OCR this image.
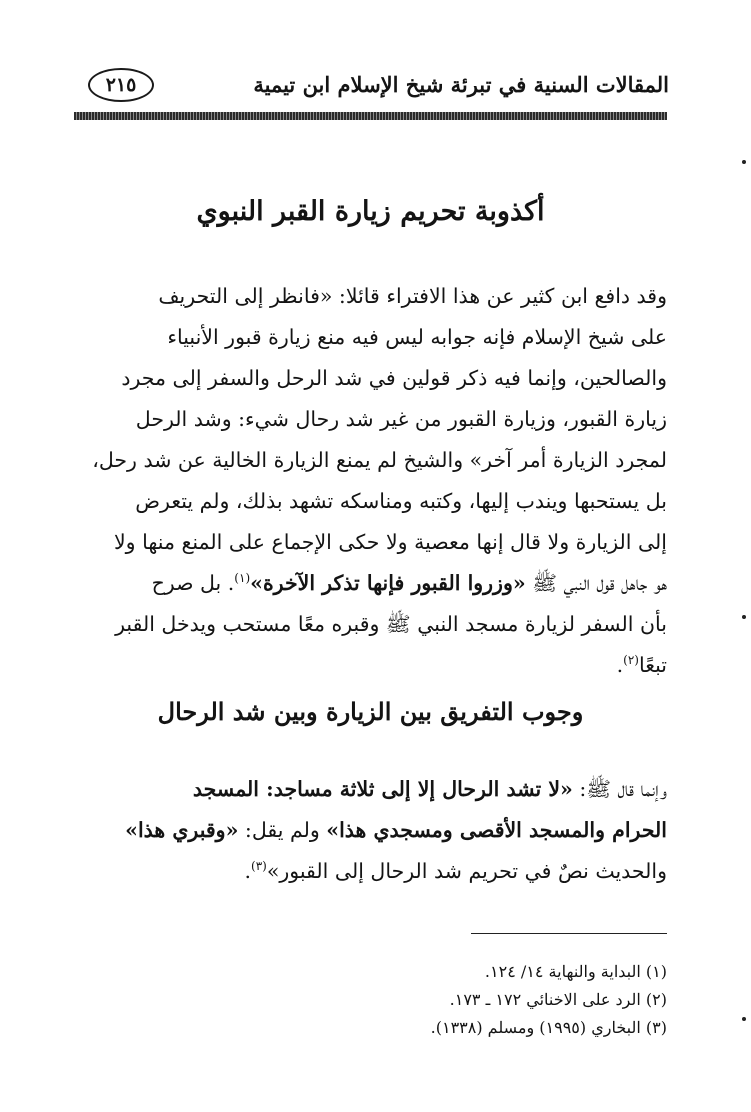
المقالات السنية في تبرئة شيخ الإسلام ابن تيمية
٢١٥
أكذوبة تحريم زيارة القبر النبوي
وقد دافع ابن كثير عن هذا الافتراء قائلا: «فانظر إلى التحريف
على شيخ الإسلام فإنه جوابه ليس فيه منع زيارة قبور الأنبياء
والصالحين، وإنما فيه ذكر قولين في شد الرحل والسفر إلى مجرد
زيارة القبور، وزيارة القبور من غير شد رحال شيء: وشد الرحل
لمجرد الزيارة أمر آخر» والشيخ لم يمنع الزيارة الخالية عن شد رحل،
بل يستحبها ويندب إليها، وكتبه ومناسكه تشهد بذلك، ولم يتعرض
إلى الزيارة ولا قال إنها معصية ولا حكى الإجماع على المنع منها ولا
هو جاهل قول النبي ﷺ «وزروا القبور فإنها تذكر الآخرة»$^{(١)}$. بل صرح
بأن السفر لزيارة مسجد النبي ﷺ وقبره معًا مستحب ويدخل القبر
تبعًا$^{(٢)}$.
وجوب التفريق بين الزيارة وبين شد الرحال
وإنما قال ﷺ: «لا تشد الرحال إلا إلى ثلاثة مساجد: المسجد
الحرام والمسجد الأقصى ومسجدي هذا» ولم يقل: «وقبري هذا»
والحديث نصٌ في تحريم شد الرحال إلى القبور»$^{(٣)}$.
(١) البداية والنهاية ١٤/ ١٢٤.
(٢) الرد على الاخنائي ١٧٢ ـ ١٧٣.
(٣) البخاري (١٩٩٥) ومسلم (١٣٣٨).
